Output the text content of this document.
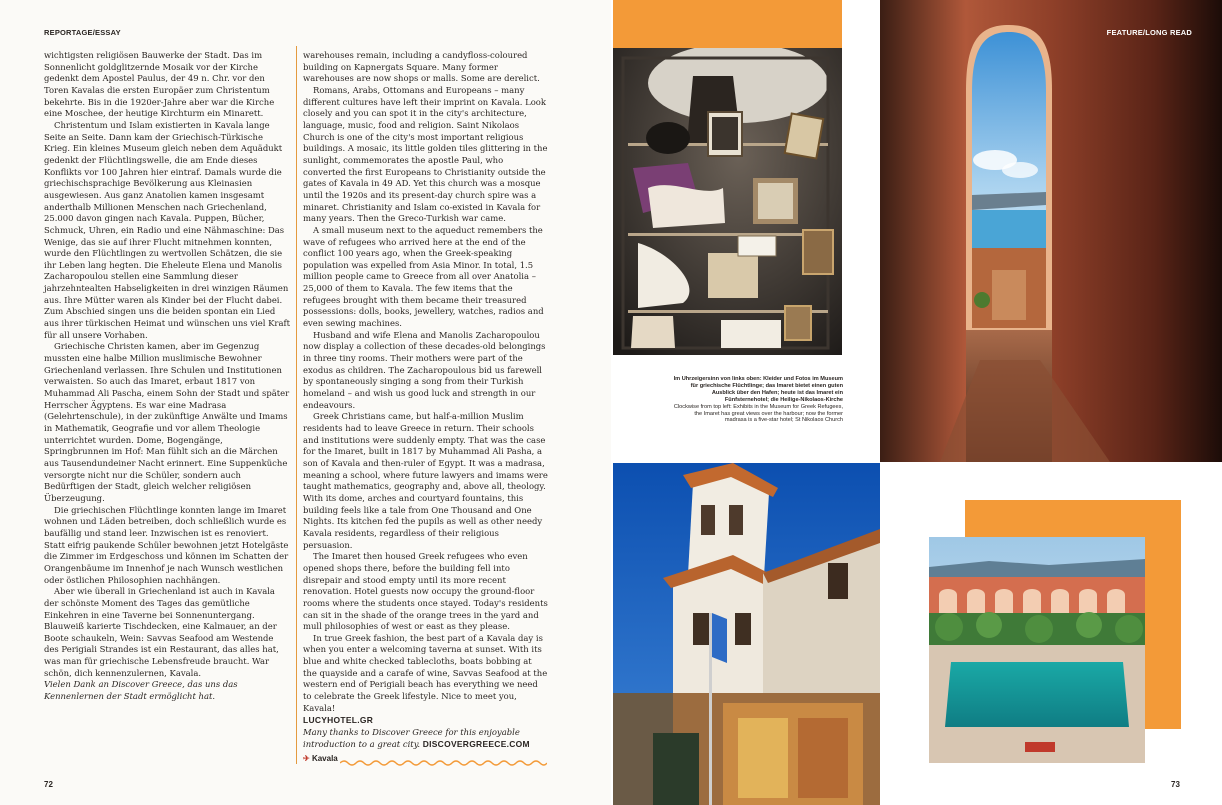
REPORTAGE/ESSAY

wichtigsten religiösen Bauwerke der Stadt. Das im Sonnenlicht goldglitzernde Mosaik vor der Kirche gedenkt dem Apostel Paulus, der 49 n. Chr. vor den Toren Kavalas die ersten Europäer zum Christentum bekehrte. Bis in die 1920er-Jahre aber war die Kirche eine Moschee, der heutige Kirchturm ein Minarett.

Christentum und Islam existierten in Kavala lange Seite an Seite. Dann kam der Griechisch-Türkische Krieg. Ein kleines Museum gleich neben dem Aquädukt gedenkt der Flüchtlingswelle, die am Ende dieses Konflikts vor 100 Jahren hier eintraf. Damals wurde die griechischsprachige Bevölkerung aus Kleinasien ausgewiesen. Aus ganz Anatolien kamen insgesamt anderthalb Millionen Menschen nach Griechenland, 25.000 davon gingen nach Kavala. Puppen, Bücher, Schmuck, Uhren, ein Radio und eine Nähmaschine: Das Wenige, das sie auf ihrer Flucht mitnehmen konnten, wurde den Flüchtlingen zu wertvollen Schätzen, die sie ihr Leben lang hegten. Die Eheleute Elena und Manolis Zacharopoulou stellen eine Sammlung dieser jahrzehntealten Habseligkeiten in drei winzigen Räumen aus. Ihre Mütter waren als Kinder bei der Flucht dabei. Zum Abschied singen uns die beiden spontan ein Lied aus ihrer türkischen Heimat und wünschen uns viel Kraft für all unsere Vorhaben.

Griechische Christen kamen, aber im Gegenzug mussten eine halbe Million muslimische Bewohner Griechenland verlassen. Ihre Schulen und Institutionen verwaisten. So auch das Imaret, erbaut 1817 von Muhammad Ali Pascha, einem Sohn der Stadt und später Herrscher Ägyptens. Es war eine Madrasa (Gelehrtenschule), in der zukünftige Anwälte und Imams in Mathematik, Geografie und vor allem Theologie unterrichtet wurden. Dome, Bogengänge, Springbrunnen im Hof: Man fühlt sich an die Märchen aus Tausendundeiner Nacht erinnert. Eine Suppenküche versorgte nicht nur die Schüler, sondern auch Bedürftigen der Stadt, gleich welcher religiösen Überzeugung.

Die griechischen Flüchtlinge konnten lange im Imaret wohnen und Läden betreiben, doch schließlich wurde es baufällig und stand leer. Inzwischen ist es renoviert. Statt eifrig paukende Schüler bewohnen jetzt Hotelgäste die Zimmer im Erdgeschoss und können im Schatten der Orangenbäume im Innenhof je nach Wunsch westlichen oder östlichen Philosophien nachhängen.

Aber wie überall in Griechenland ist auch in Kavala der schönste Moment des Tages das gemütliche Einkehren in eine Taverne bei Sonnenuntergang. Blauweiß karierte Tischdecken, eine Kalmauer, an der Boote schaukeln, Wein: Savvas Seafood am Westende des Perigiali Strandes ist ein Restaurant, das alles hat, was man für griechische Lebensfreude braucht. War schön, dich kennenzulernen, Kavala.

Vielen Dank an Discover Greece, das uns das Kennenlernen der Stadt ermöglicht hat.

warehouses remain, including a candyfloss-coloured building on Kapnergats Square. Many former warehouses are now shops or malls. Some are derelict.

Romans, Arabs, Ottomans and Europeans – many different cultures have left their imprint on Kavala. Look closely and you can spot it in the city's architecture, language, music, food and religion. Saint Nikolaos Church is one of the city's most important religious buildings. A mosaic, its little golden tiles glittering in the sunlight, commemorates the apostle Paul, who converted the first Europeans to Christianity outside the gates of Kavala in 49 AD. Yet this church was a mosque until the 1920s and its present-day church spire was a minaret. Christianity and Islam co-existed in Kavala for many years. Then the Greco-Turkish war came.

A small museum next to the aqueduct remembers the wave of refugees who arrived here at the end of the conflict 100 years ago, when the Greek-speaking population was expelled from Asia Minor. In total, 1.5 million people came to Greece from all over Anatolia – 25,000 of them to Kavala. The few items that the refugees brought with them became their treasured possessions: dolls, books, jewellery, watches, radios and even sewing machines.

Husband and wife Elena and Manolis Zacharopoulou now display a collection of these decades-old belongings in three tiny rooms. Their mothers were part of the exodus as children. The Zacharopoulous bid us farewell by spontaneously singing a song from their Turkish homeland – and wish us good luck and strength in our endeavours.

Greek Christians came, but half-a-million Muslim residents had to leave Greece in return. Their schools and institutions were suddenly empty. That was the case for the Imaret, built in 1817 by Muhammad Ali Pasha, a son of Kavala and then-ruler of Egypt. It was a madrasa, meaning a school, where future lawyers and imams were taught mathematics, geography and, above all, theology. With its dome, arches and courtyard fountains, this building feels like a tale from One Thousand and One Nights. Its kitchen fed the pupils as well as other needy Kavala residents, regardless of their religious persuasion.

The Imaret then housed Greek refugees who even opened shops there, before the building fell into disrepair and stood empty until its more recent renovation. Hotel guests now occupy the ground-floor rooms where the students once stayed. Today's residents can sit in the shade of the orange trees in the yard and mull philosophies of west or east as they please.

In true Greek fashion, the best part of a Kavala day is when you enter a welcoming taverna at sunset. With its blue and white checked tablecloths, boats bobbing at the quayside and a carafe of wine, Savvas Seafood at the western end of Perigiali beach has everything we need to celebrate the Greek lifestyle. Nice to meet you, Kavala!

LUCYHOTEL.GR

Many thanks to Discover Greece for this enjoyable introduction to a great city. DISCOVERGREECE.COM

✈ Kavala

72
FEATURE/LONG READ
Im Uhrzeigersinn von links oben: Kleider und Fotos im Museum für griechische Flüchtlinge; das Imaret bietet einen guten Ausblick über den Hafen; heute ist das Imaret ein Fünfsternehotel; die Heilige-Nikolaos-Kirche
Clockwise from top left: Exhibits in the Museum for Greek Refugees, the Imaret has great views over the harbour; now the former madrasa is a five-star hotel; St Nikolaos Church
73
